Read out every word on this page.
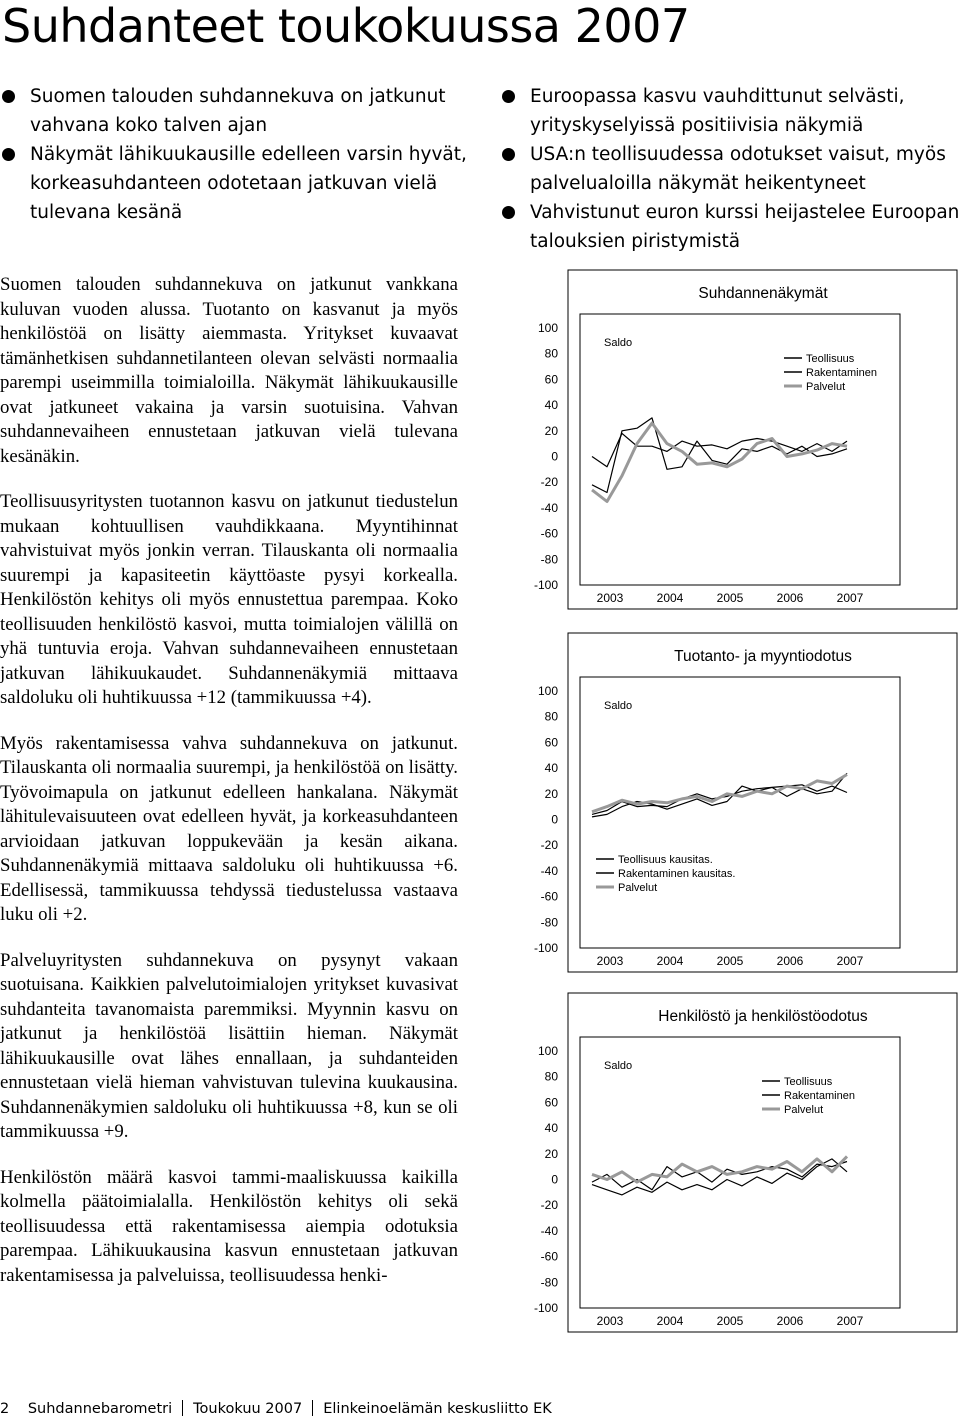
Suhdanteet toukokuussa 2007
Suomen talouden suhdannekuva on jatkunut vahvana koko talven ajan
Näkymät lähikuukausille edelleen varsin hyvät, korkeasuhdanteen odotetaan jatkuvan vielä tulevana kesänä
Euroopassa kasvu vauhdittunut selvästi, yrityskyselyissä positiivisia näkymiä
USA:n teollisuudessa odotukset vaisut, myös palvelualoilla näkymät heikentyneet
Vahvistunut euron kurssi heijastelee Euroopan talouksien piristymistä

Suomen talouden suhdannekuva on jatkunut vankkana kuluvan vuoden alussa. Tuotanto on kasvanut ja myös henkilöstöä on lisätty aiemmasta. Yritykset kuvaavat tämänhetkisen suhdannetilanteen olevan selvästi normaalia parempi useimmilla toimialoilla. Näkymät lähikuukausille ovat jatkuneet vakaina ja varsin suotuisina. Vahvan suhdannevaiheen ennustetaan jatkuvan vielä tulevana kesänäkin.

Teollisuusyritysten tuotannon kasvu on jatkunut tiedustelun mukaan kohtuullisen vauhdikkaana. Myyntihinnat vahvistuivat myös jonkin verran. Tilauskanta oli normaalia suurempi ja kapasiteetin käyttöaste pysyi korkealla. Henkilöstön kehitys oli myös ennustettua parempaa. Koko teollisuuden henkilöstö kasvoi, mutta toimialojen välillä on yhä tuntuvia eroja. Vahvan suhdannevaiheen ennustetaan jatkuvan lähikuukaudet. Suhdannenäkymiä mittaava saldoluku oli huhtikuussa +12 (tammikuussa +4).

Myös rakentamisessa vahva suhdannekuva on jatkunut. Tilauskanta oli normaalia suurempi, ja henkilöstöä on lisätty. Työvoimapula on jatkunut edelleen hankalana. Näkymät lähitulevaisuuteen ovat edelleen hyvät, ja korkeasuhdanteen arvioidaan jatkuvan loppukevään ja kesän aikana. Suhdannenäkymiä mittaava saldoluku oli huhtikuussa +6. Edellisessä, tammikuussa tehdyssä tiedustelussa vastaava luku oli +2.

Palveluyritysten suhdannekuva on pysynyt vakaan suotuisana. Kaikkien palvelutoimialojen yritykset kuvasivat suhdanteita tavanomaista paremmiksi. Myynnin kasvu on jatkunut ja henkilöstöä lisättiin hieman. Näkymät lähikuukausille ovat lähes ennallaan, ja suhdanteiden ennustetaan vielä hieman vahvistuvan tulevina kuukausina. Suhdannenäkymien saldoluku oli huhtikuussa +8, kun se oli tammikuussa +9.

Henkilöstön määrä kasvoi tammi-maaliskuussa kaikilla kolmella päätoimialalla. Henkilöstön kehitys oli sekä teollisuudessa että rakentamisessa aiempia odotuksia parempaa. Lähikuukausina kasvun ennustetaan jatkuvan rakentamisessa ja palveluissa, teollisuudessa henki-

Suhdannenäkymät
100
80
60
40
20
0
-20
-40
-60
-80
-100
Saldo
2003	2004	2005	2006	2007
Teollisuus
Rakentaminen
Palvelut
Tuotanto- ja myyntiodotus
100
80
60
40
20
0
-20
-40
-60
-80
-100
Saldo
2003	2004	2005	2006	2007
Teollisuus kausitas.
Rakentaminen kausitas.
Palvelut
Henkilöstö ja henkilöstöodotus
100
80
60
40
20
0
-20
-40
-60
-80
-100
Saldo
2003	2004	2005	2006	2007
Teollisuus
Rakentaminen
Palvelut
2 Suhdannebarometri Toukokuu 2007 Elinkeinoelämän keskusliitto EK
